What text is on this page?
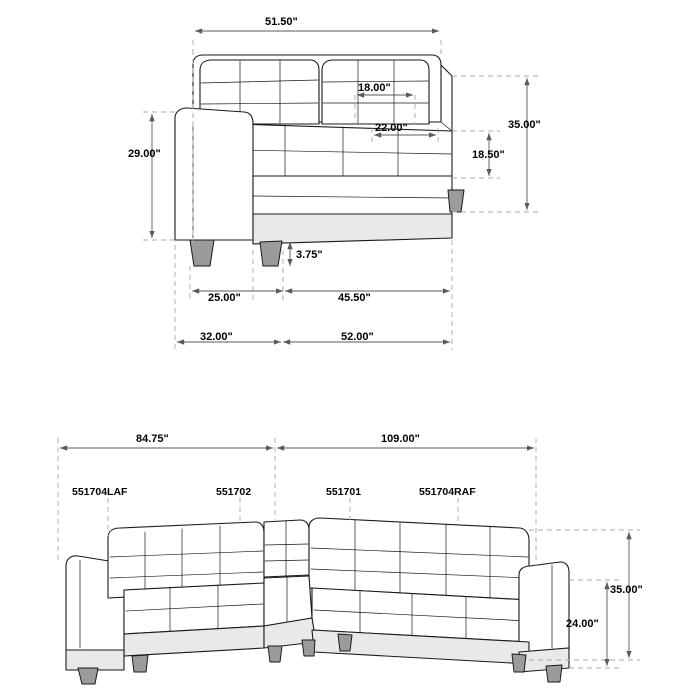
51.50"
18.00"
22.00"	35.00"
29.00"	18.50"
3.75"
25.00"	45.50"
32.00"	52.00"
84.75"	109.00"
35.00"
24.00"
551704LAF	551702	551701	551704RAF
